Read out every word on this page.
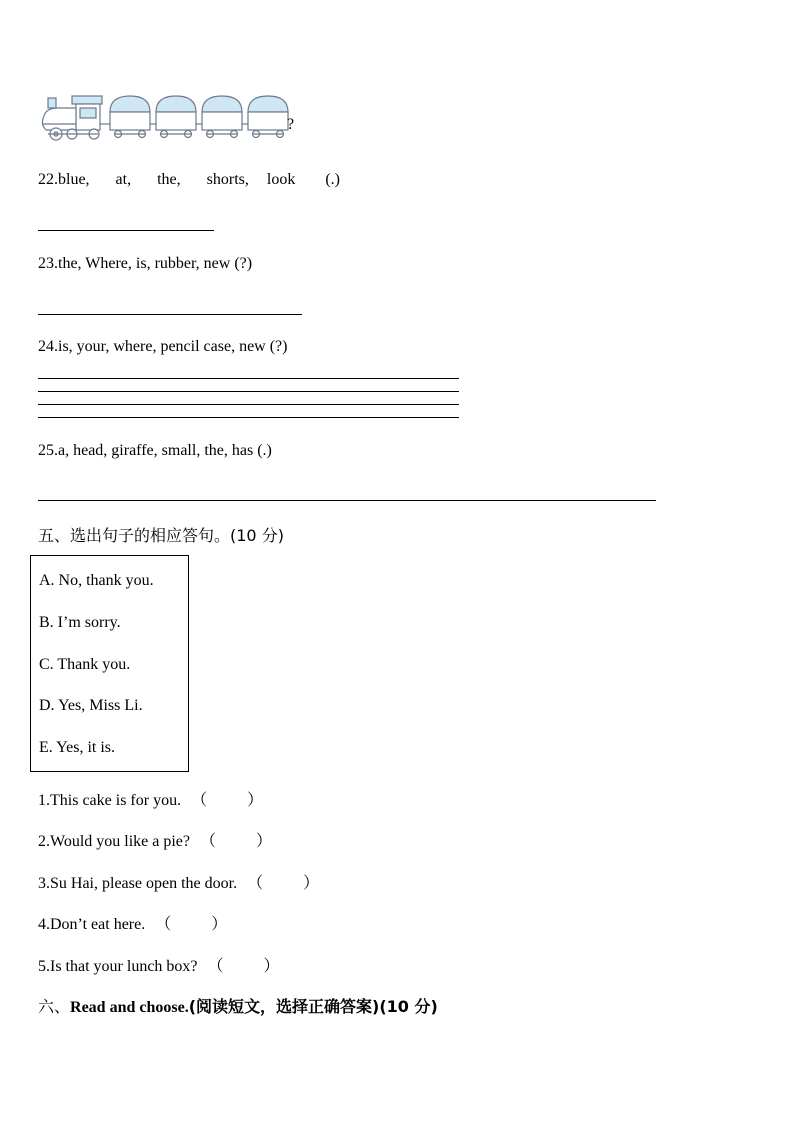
?
22.blue, at, the, shorts, look (.)
23.the, Where, is, rubber, new (?)
24.is, your, where, pencil case, new (?)
25.a, head, giraffe, small, the, has (.)
五、选出句子的相应答句。(10 分)
A. No, thank you.
B. I’m sorry.
C. Thank you.
D. Yes, Miss Li.
E. Yes, it is.
1.This cake is for you. （	）
2.Would you like a pie? （	）
3.Su Hai, please open the door. （	）
4.Don’t eat here. （	）
5.Is that your lunch box? （	）
六、Read and choose.(阅读短文，选择正确答案)(10 分)
